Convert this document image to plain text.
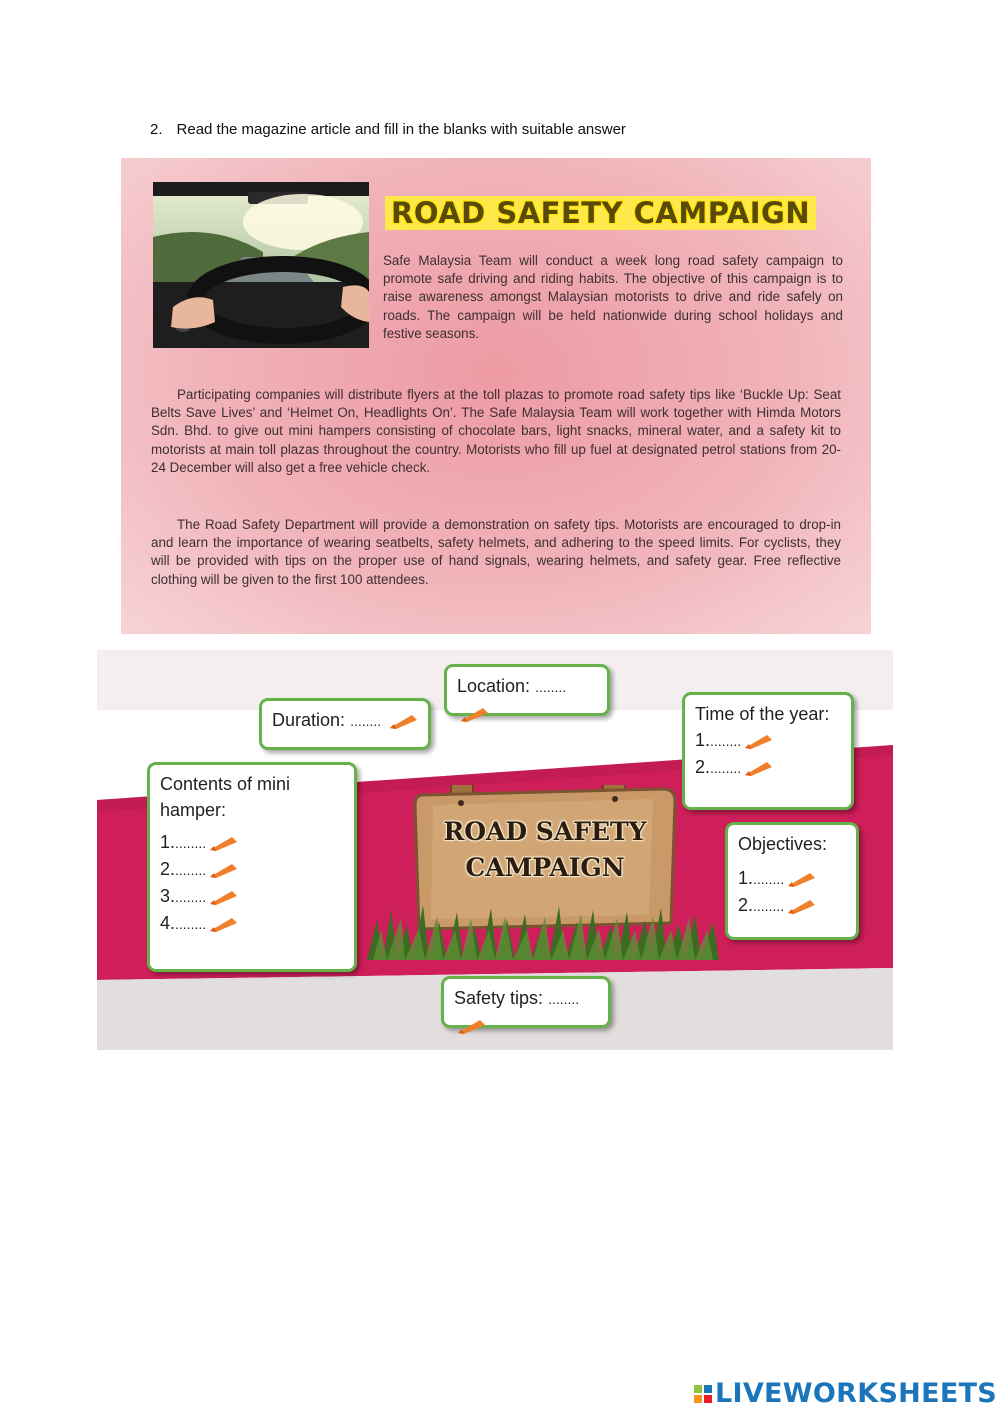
2. Read the magazine article and fill in the blanks with suitable answer
ROAD SAFETY CAMPAIGN
Safe Malaysia Team will conduct a week long road safety campaign to promote safe driving and riding habits. The objective of this campaign is to raise awareness amongst Malaysian motorists to drive and ride safely on roads. The campaign will be held nationwide during school holidays and festive seasons.
Participating companies will distribute flyers at the toll plazas to promote road safety tips like ‘Buckle Up: Seat Belts Save Lives’ and ‘Helmet On, Headlights On’. The Safe Malaysia Team will work together with Himda Motors Sdn. Bhd. to give out mini hampers consisting of chocolate bars, light snacks, mineral water, and a safety kit to motorists at main toll plazas throughout the country. Motorists who fill up fuel at designated petrol stations from 20-24 December will also get a free vehicle check.
The Road Safety Department will provide a demonstration on safety tips. Motorists are encouraged to drop-in and learn the importance of wearing seatbelts, safety helmets, and adhering to the speed limits. For cyclists, they will be provided with tips on the proper use of hand signals, wearing helmets, and safety gear. Free reflective clothing will be given to the first 100 attendees.
Location: ........
Duration: ........	Time of the year:
1.........
2.........
Contents of mini
hamper:
1.........
2.........
3.........
4.........
Objectives:
1.........
2.........
ROAD SAFETY
CAMPAIGN
Safety tips: ........
LIVEWORKSHEETS
